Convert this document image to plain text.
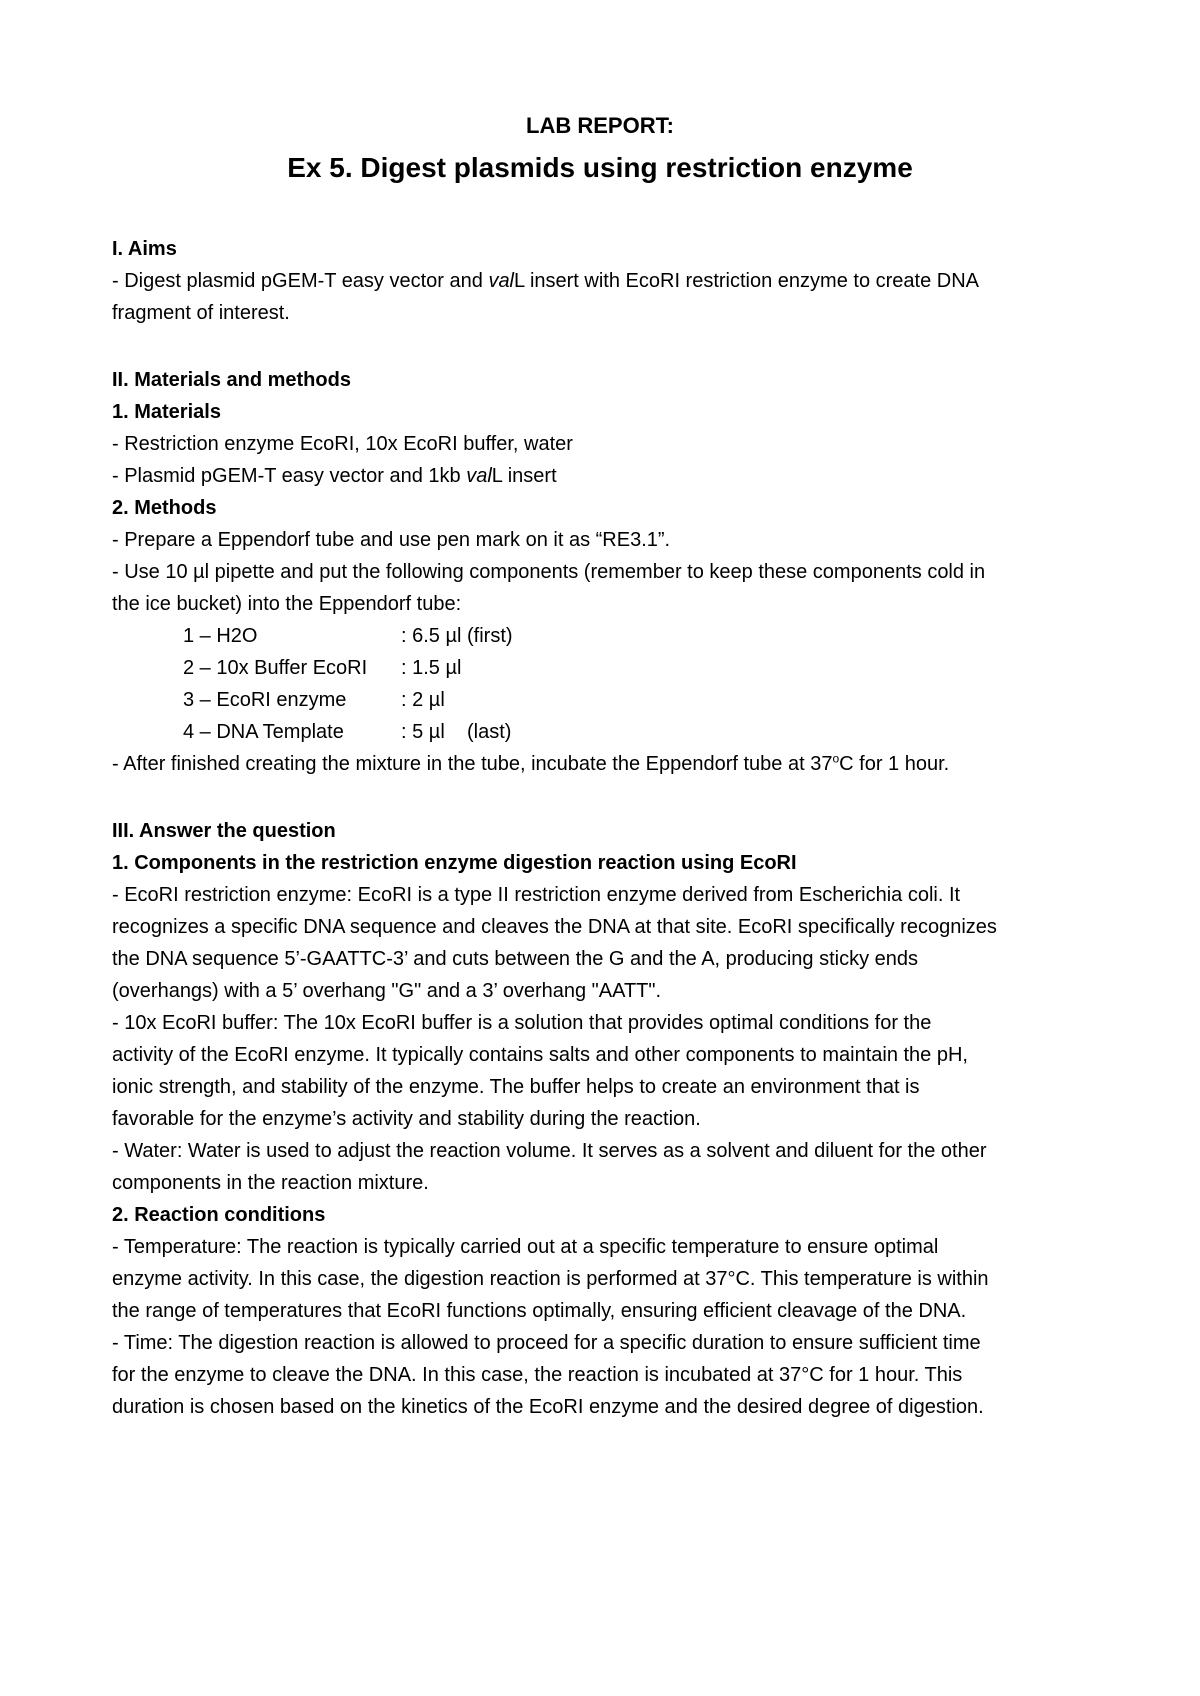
LAB REPORT:
Ex 5. Digest plasmids using restriction enzyme

I. Aims

- Digest plasmid pGEM-T easy vector and valL insert with EcoRI restriction enzyme to create DNA

fragment of interest.

II. Materials and methods

1. Materials

- Restriction enzyme EcoRI, 10x EcoRI buffer, water

- Plasmid pGEM-T easy vector and 1kb valL insert

2. Methods

- Prepare a Eppendorf tube and use pen mark on it as “RE3.1”.

- Use 10 µl pipette and put the following components (remember to keep these components cold in

the ice bucket) into the Eppendorf tube:

1 – H2O	: 6.5 µl (first)
2 – 10x Buffer EcoRI	: 1.5 µl
3 – EcoRI enzyme	: 2 µl
4 – DNA Template	: 5 µl    (last)

- After finished creating the mixture in the tube, incubate the Eppendorf tube at 37$^o$C for 1 hour.

III. Answer the question

1. Components in the restriction enzyme digestion reaction using EcoRI

- EcoRI restriction enzyme: EcoRI is a type II restriction enzyme derived from Escherichia coli. It

recognizes a specific DNA sequence and cleaves the DNA at that site. EcoRI specifically recognizes

the DNA sequence 5’-GAATTC-3’ and cuts between the G and the A, producing sticky ends

(overhangs) with a 5’ overhang "G" and a 3’ overhang "AATT".

- 10x EcoRI buffer: The 10x EcoRI buffer is a solution that provides optimal conditions for the

activity of the EcoRI enzyme. It typically contains salts and other components to maintain the pH,

ionic strength, and stability of the enzyme. The buffer helps to create an environment that is

favorable for the enzyme’s activity and stability during the reaction.

- Water: Water is used to adjust the reaction volume. It serves as a solvent and diluent for the other

components in the reaction mixture.

2. Reaction conditions

- Temperature: The reaction is typically carried out at a specific temperature to ensure optimal

enzyme activity. In this case, the digestion reaction is performed at 37°C. This temperature is within

the range of temperatures that EcoRI functions optimally, ensuring efficient cleavage of the DNA.

- Time: The digestion reaction is allowed to proceed for a specific duration to ensure sufficient time

for the enzyme to cleave the DNA. In this case, the reaction is incubated at 37°C for 1 hour. This

duration is chosen based on the kinetics of the EcoRI enzyme and the desired degree of digestion.
